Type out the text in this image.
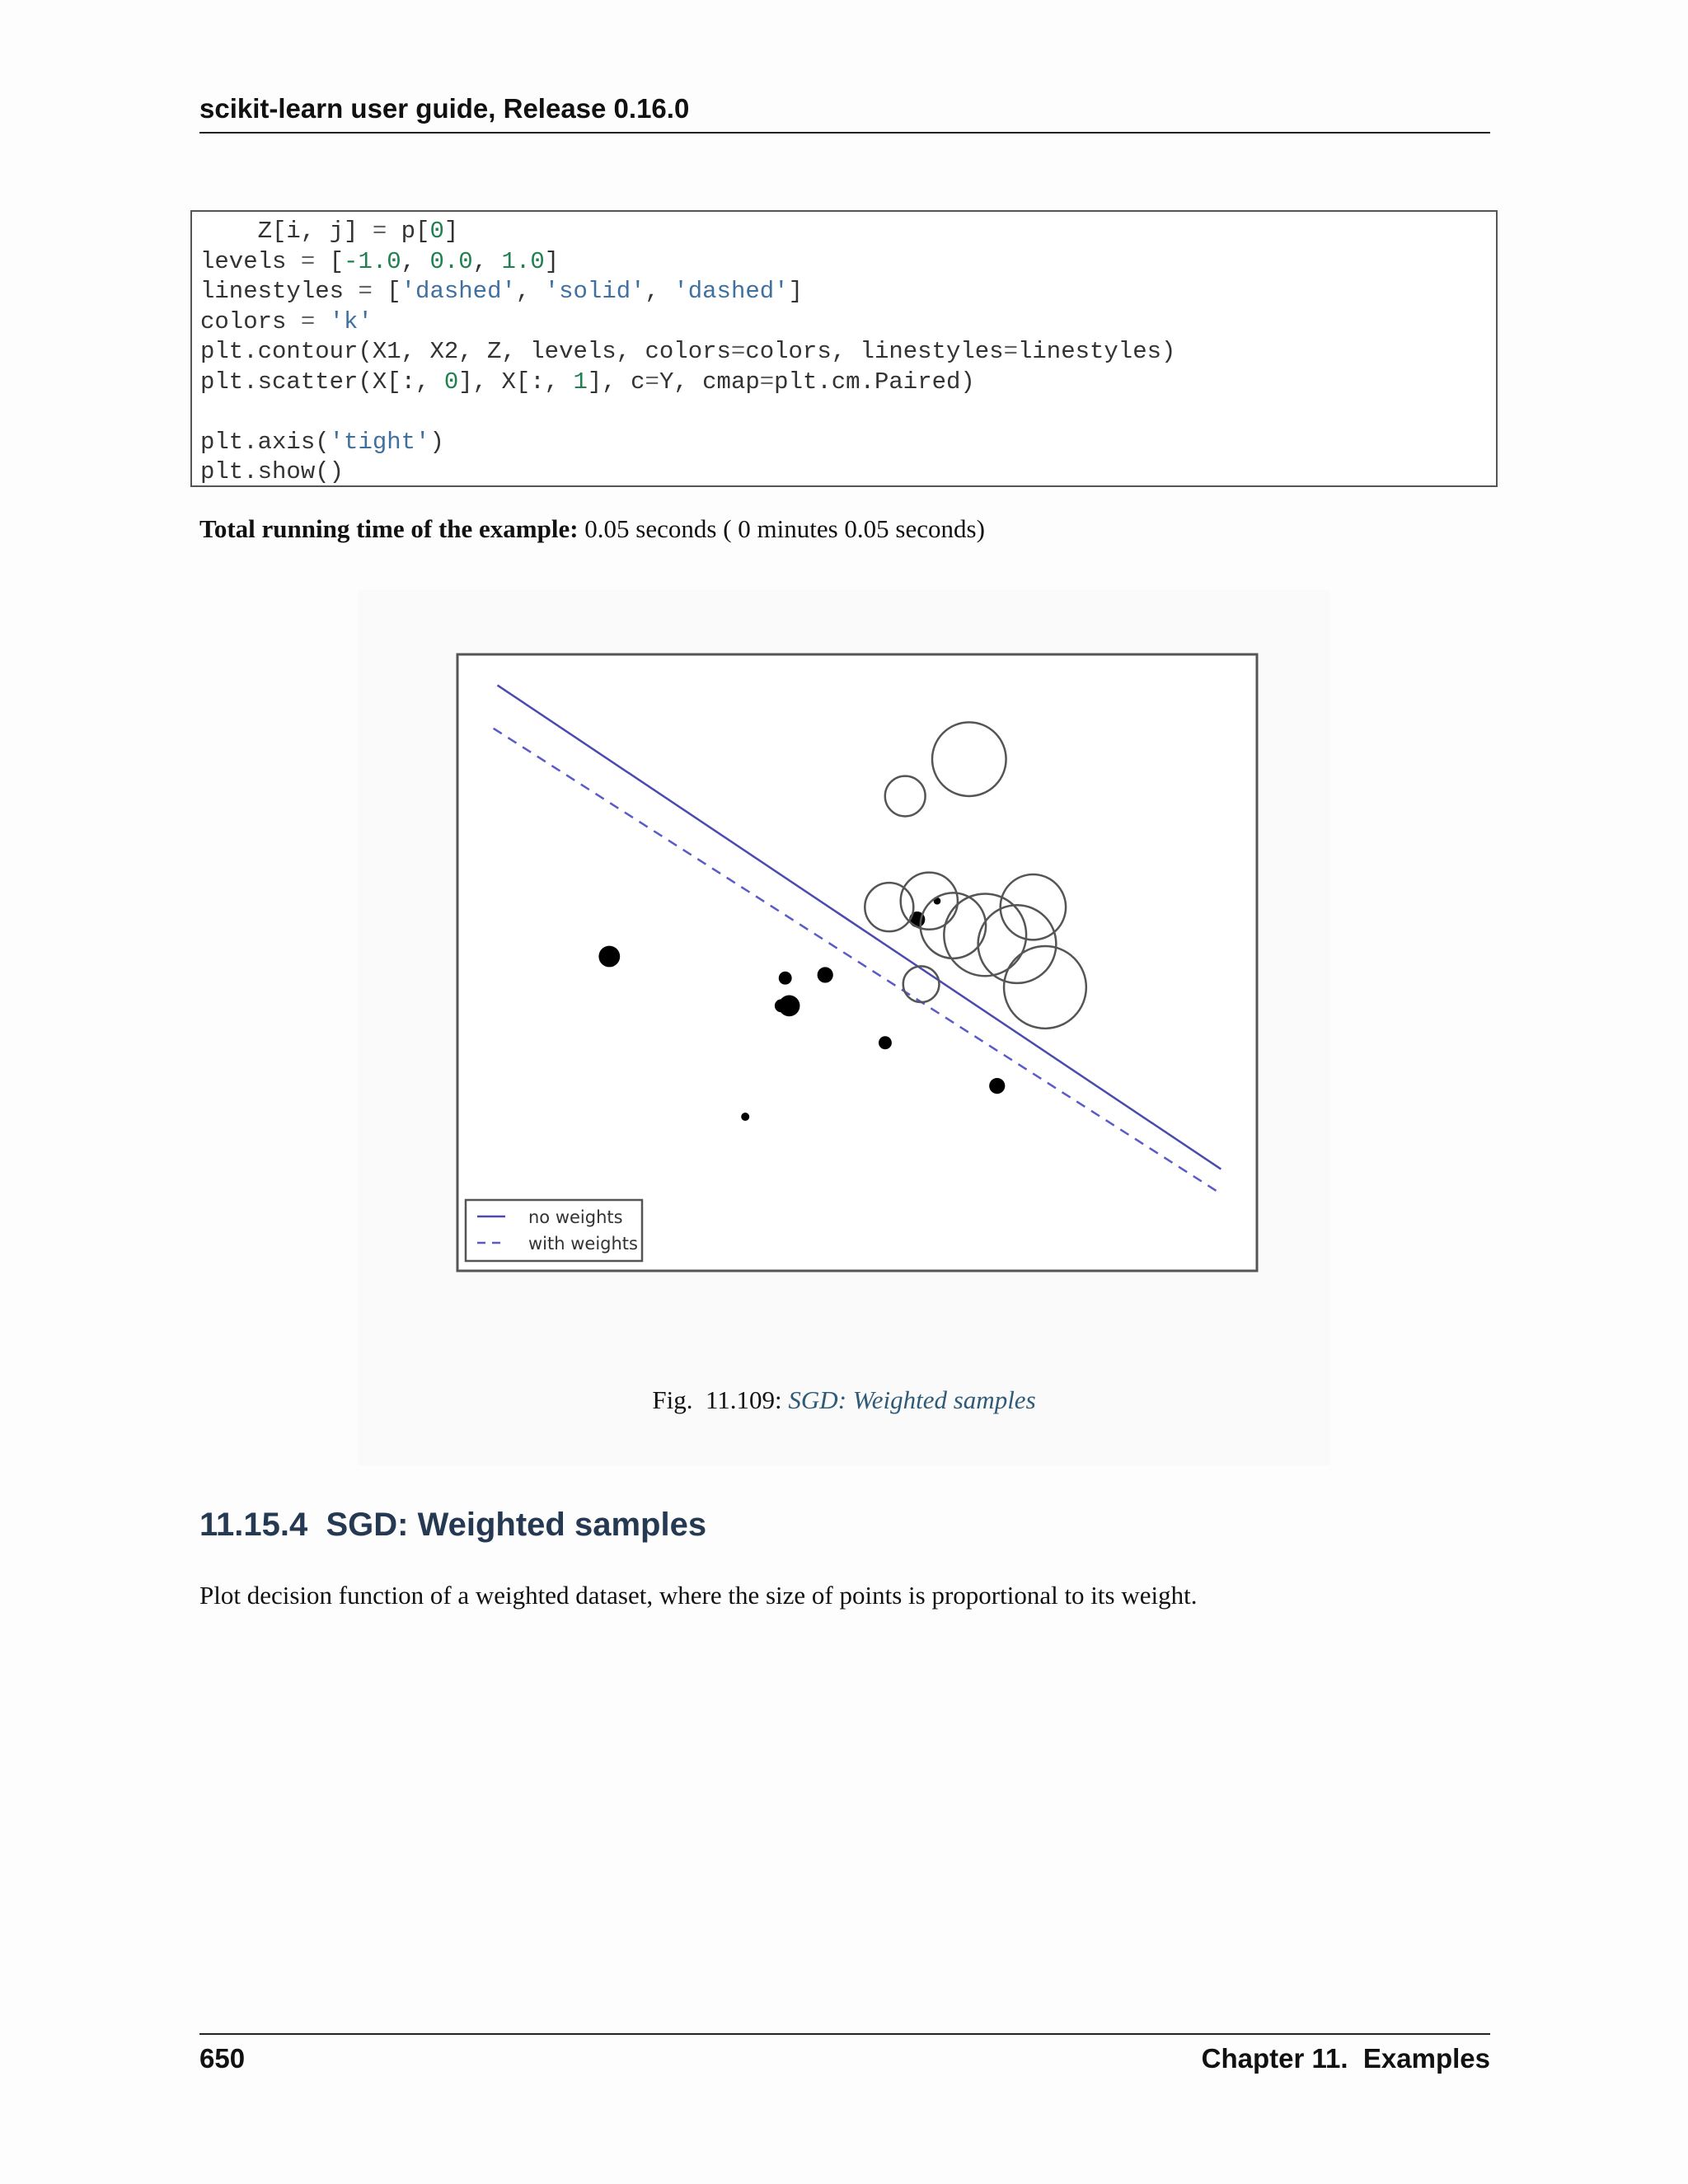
scikit-learn user guide, Release 0.16.0
Z[i, j] = p[0]
levels = [-1.0, 0.0, 1.0]
linestyles = ['dashed', 'solid', 'dashed']
colors = 'k'
plt.contour(X1, X2, Z, levels, colors=colors, linestyles=linestyles)
plt.scatter(X[:, 0], X[:, 1], c=Y, cmap=plt.cm.Paired)
plt.axis('tight')
plt.show()
Total running time of the example: 0.05 seconds ( 0 minutes 0.05 seconds)
no weights
with weights
Fig.  11.109: SGD: Weighted samples
11.15.4  SGD: Weighted samples
Plot decision function of a weighted dataset, where the size of points is proportional to its weight.
650	Chapter 11.  Examples
